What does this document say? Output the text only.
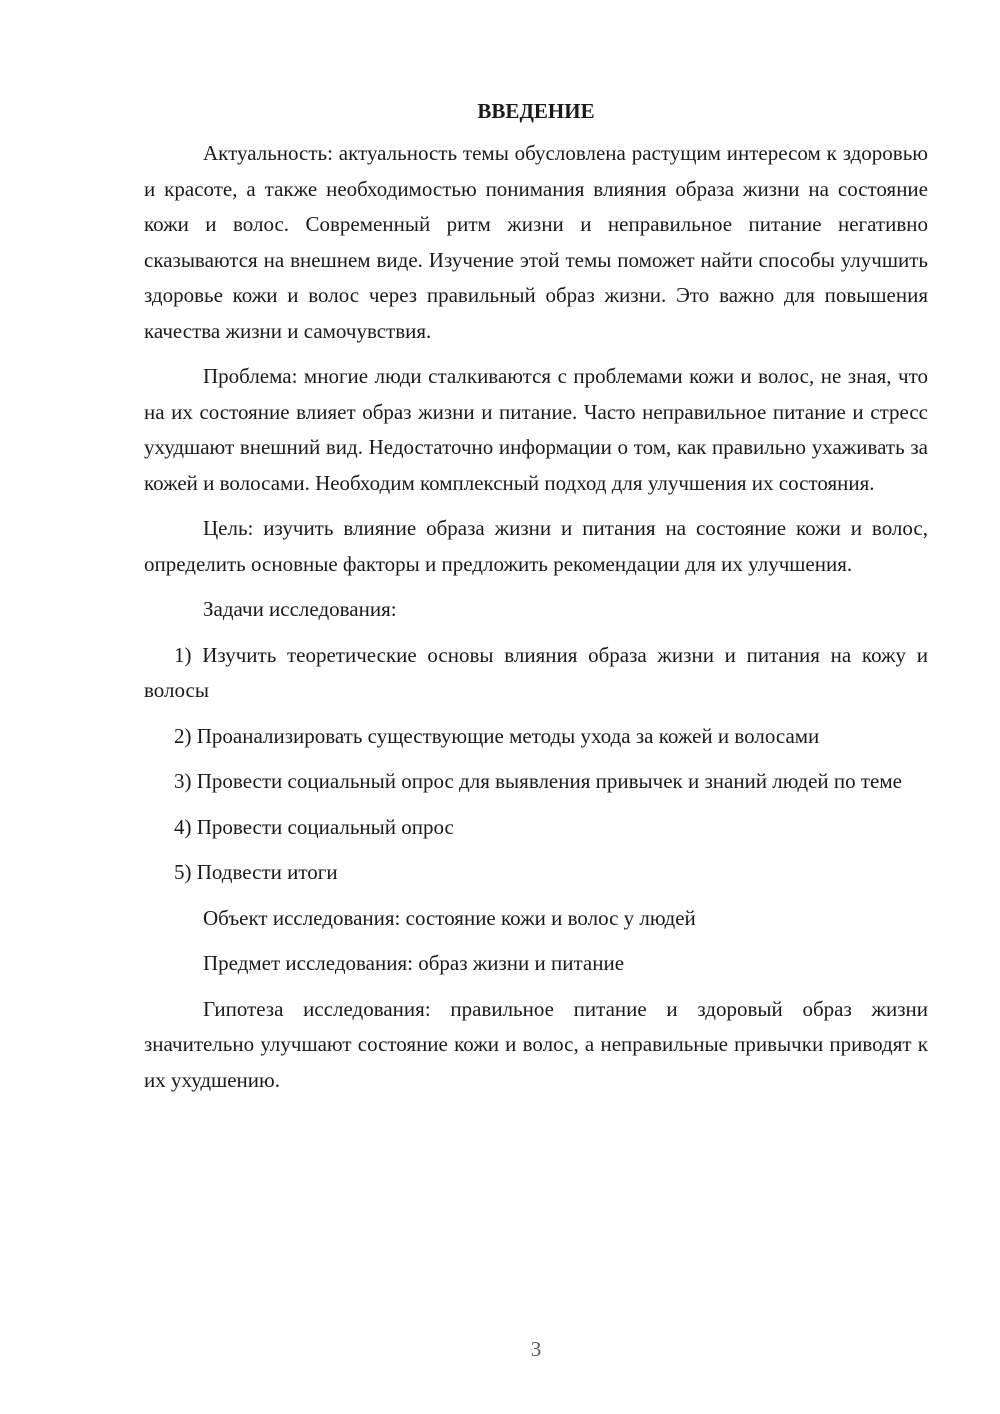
ВВЕДЕНИЕ

Актуальность: актуальность темы обусловлена растущим интересом к здоровью и красоте, а также необходимостью понимания влияния образа жизни на состояние кожи и волос. Современный ритм жизни и неправильное питание негативно сказываются на внешнем виде. Изучение этой темы поможет найти способы улучшить здоровье кожи и волос через правильный образ жизни. Это важно для повышения качества жизни и самочувствия.

Проблема: многие люди сталкиваются с проблемами кожи и волос, не зная, что на их состояние влияет образ жизни и питание. Часто неправильное питание и стресс ухудшают внешний вид. Недостаточно информации о том, как правильно ухаживать за кожей и волосами. Необходим комплексный подход для улучшения их состояния.

Цель: изучить влияние образа жизни и питания на состояние кожи и волос, определить основные факторы и предложить рекомендации для их улучшения.

Задачи исследования:

1) Изучить теоретические основы влияния образа жизни и питания на кожу и волосы

2) Проанализировать существующие методы ухода за кожей и волосами

3) Провести социальный опрос для выявления привычек и знаний людей по теме

4) Провести социальный опрос

5) Подвести итоги

Объект исследования: состояние кожи и волос у людей

Предмет исследования: образ жизни и питание

Гипотеза исследования: правильное питание и здоровый образ жизни значительно улучшают состояние кожи и волос, а неправильные привычки приводят к их ухудшению.

3
